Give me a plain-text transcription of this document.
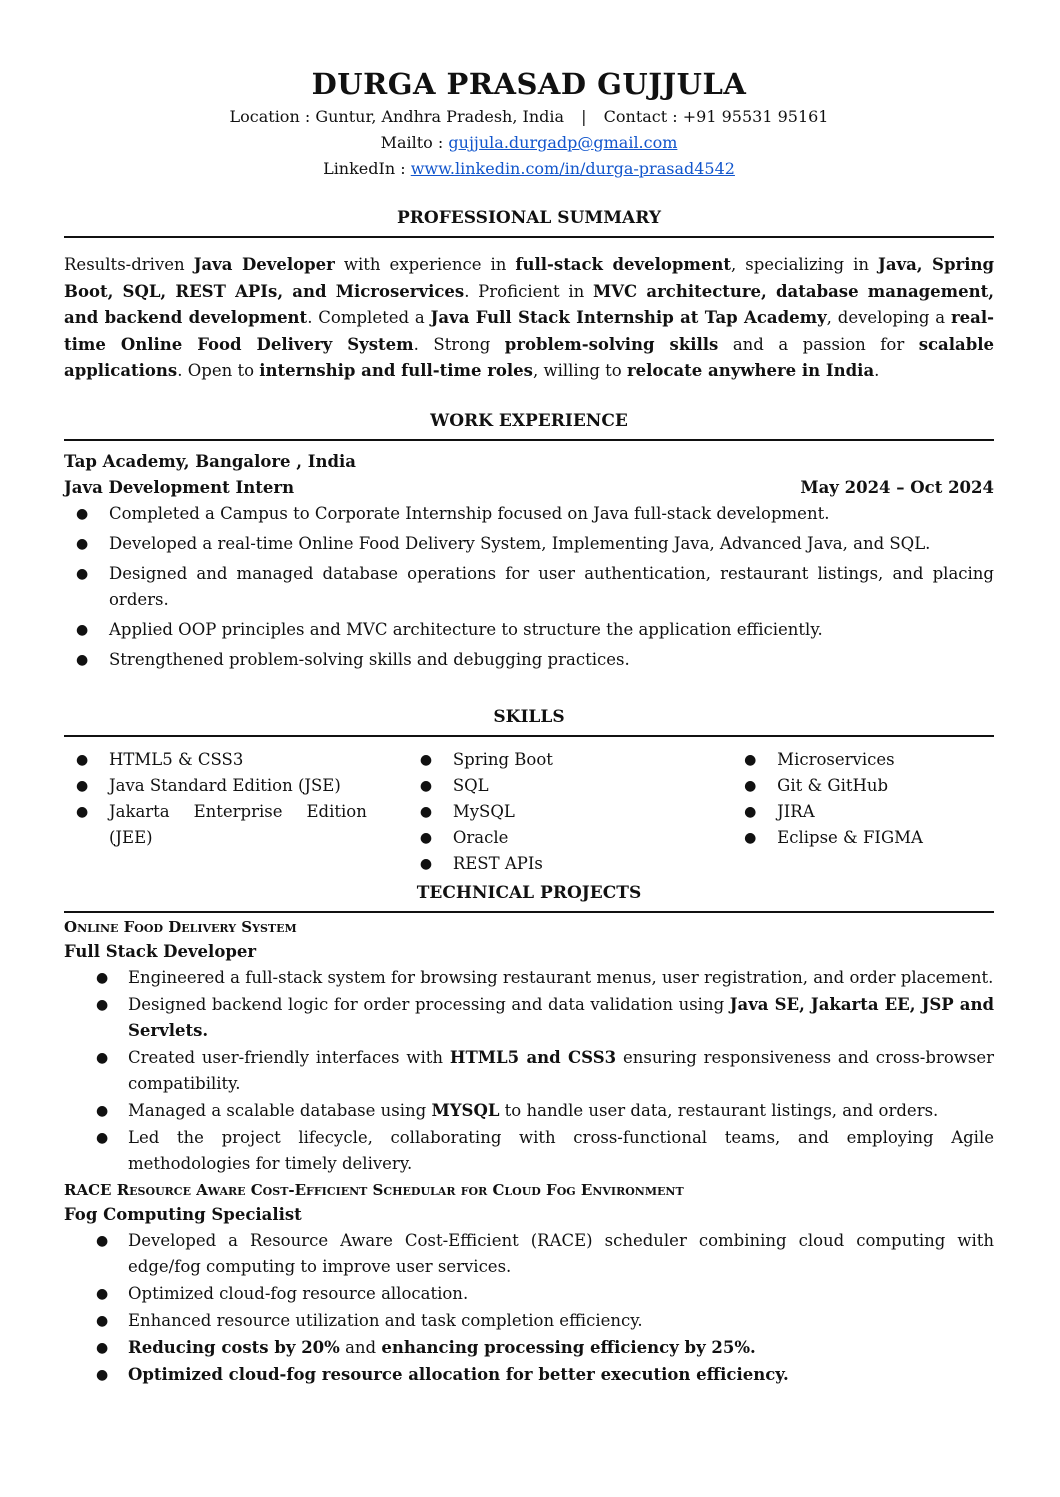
DURGA PRASAD GUJJULA
Location : Guntur, Andhra Pradesh, India | Contact : +91 95531 95161
Mailto : gujjula.durgadp@gmail.com
LinkedIn : www.linkedin.com/in/durga-prasad4542
PROFESSIONAL SUMMARY
Results-driven Java Developer with experience in full-stack development, specializing in Java, Spring Boot, SQL, REST APIs, and Microservices. Proficient in MVC architecture, database management, and backend development. Completed a Java Full Stack Internship at Tap Academy, developing a real-time Online Food Delivery System. Strong problem-solving skills and a passion for scalable applications. Open to internship and full-time roles, willing to relocate anywhere in India.
WORK EXPERIENCE
Tap Academy, Bangalore , India
Java Development Intern	May 2024 – Oct 2024
● Completed a Campus to Corporate Internship focused on Java full-stack development.
● Developed a real-time Online Food Delivery System, Implementing Java, Advanced Java, and SQL.
● Designed and managed database operations for user authentication, restaurant listings, and placing orders.
● Applied OOP principles and MVC architecture to structure the application efficiently.
● Strengthened problem-solving skills and debugging practices.
SKILLS
● HTML5 & CSS3
● Java Standard Edition (JSE)
● Jakarta Enterprise Edition (JEE)
● Spring Boot
● SQL
● MySQL
● Oracle
● REST APIs
● Microservices
● Git & GitHub
● JIRA
● Eclipse & FIGMA
TECHNICAL PROJECTS
Online Food Delivery System
Full Stack Developer
● Engineered a full-stack system for browsing restaurant menus, user registration, and order placement.
● Designed backend logic for order processing and data validation using Java SE, Jakarta EE, JSP and Servlets.
● Created user-friendly interfaces with HTML5 and CSS3 ensuring responsiveness and cross-browser compatibility.
● Managed a scalable database using MYSQL to handle user data, restaurant listings, and orders.
● Led the project lifecycle, collaborating with cross-functional teams, and employing Agile methodologies for timely delivery.
RACE Resource Aware Cost-Efficient Schedular for Cloud Fog Environment
Fog Computing Specialist
● Developed a Resource Aware Cost-Efficient (RACE) scheduler combining cloud computing with edge/fog computing to improve user services.
● Optimized cloud-fog resource allocation.
● Enhanced resource utilization and task completion efficiency.
● Reducing costs by 20% and enhancing processing efficiency by 25%.
● Optimized cloud-fog resource allocation for better execution efficiency.
